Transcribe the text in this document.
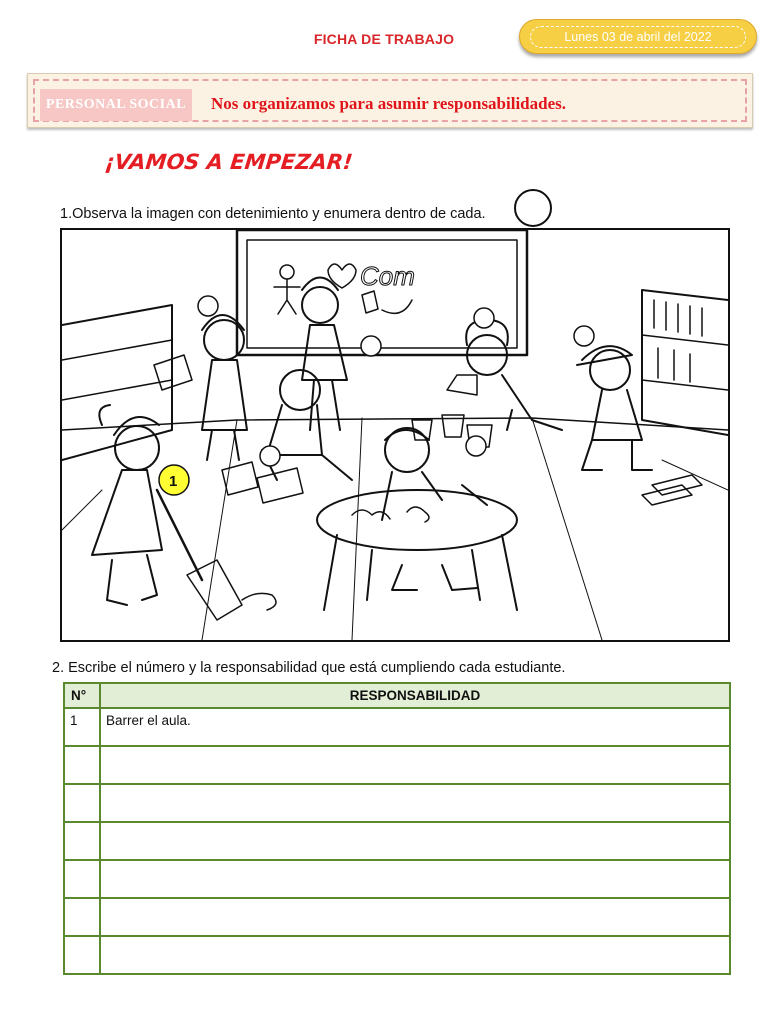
FICHA DE TRABAJO	Lunes 03 de abril del 2022
PERSONAL SOCIAL	Nos organizamos para asumir responsabilidades.
¡VAMOS A EMPEZAR!
1.Observa la imagen con detenimiento y enumera dentro de cada.
Com
1
2. Escribe el número y la responsabilidad que está cumpliendo cada estudiante.
N°	RESPONSABILIDAD
1	Barrer el aula.
